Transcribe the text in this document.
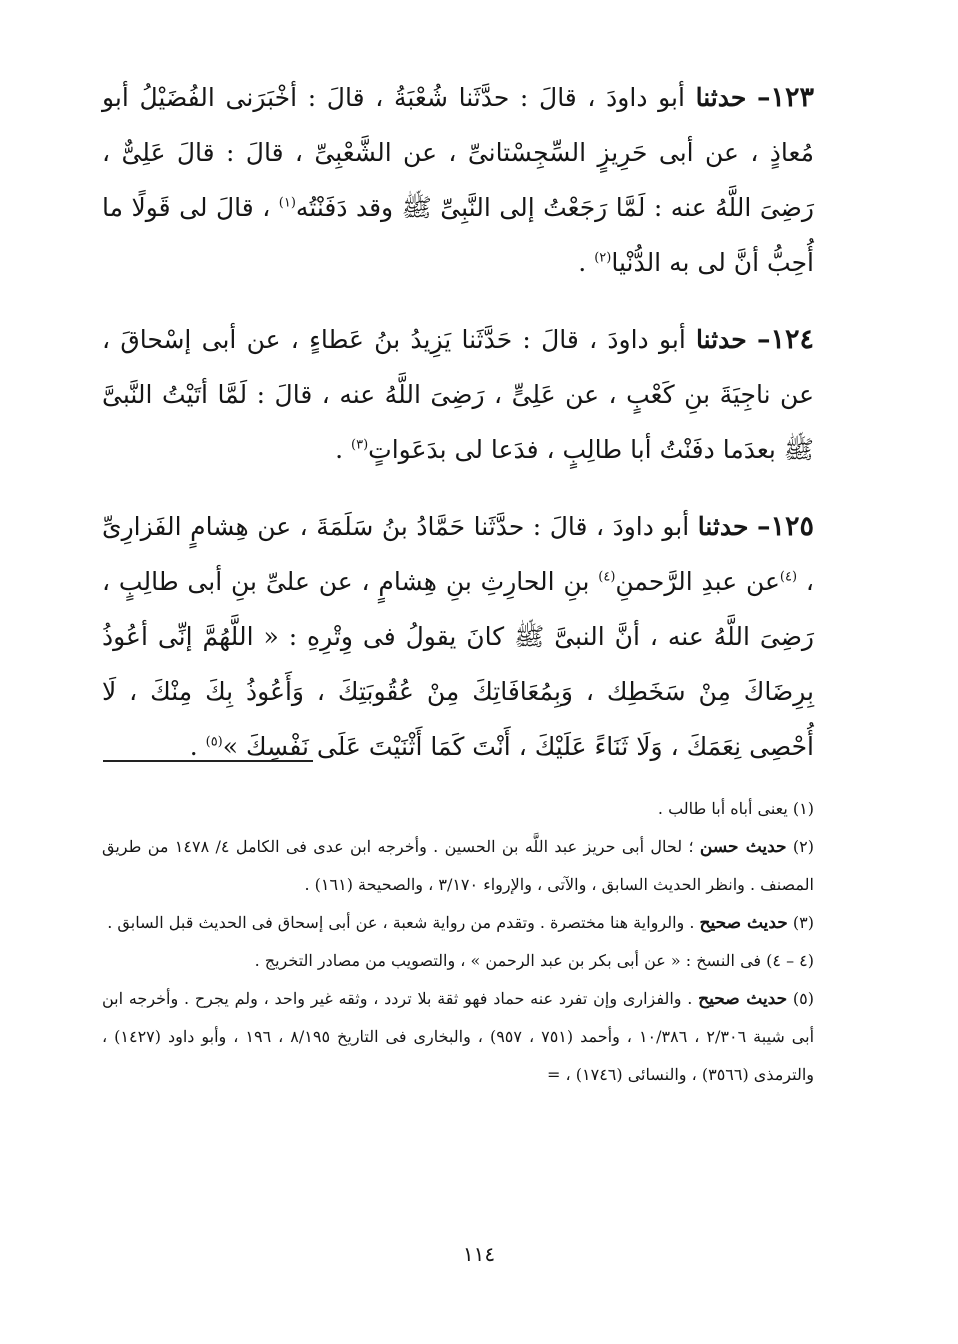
١٢٣– حدثنا أبو داودَ ، قالَ : حدَّثَنا شُعْبَةُ ، قالَ : أخْبَرَنى الفُضَيْلُ أبو مُعاذٍ ، عن أبى حَرِيزٍ السِّجِسْتانىِّ ، عن الشَّعْبِىِّ ، قالَ : قالَ عَلِىٌّ ، رَضِىَ اللَّهُ عنه : لَمَّا رَجَعْتُ إلى النَّبِىِّ ﷺ وقد دَفَنْتُه$^{(١)}$ ، قالَ لى قَولًا ما أُحِبُّ أنَّ لى به الدُّنْيا$^{(٢)}$ .

١٢٤– حدثنا أبو داودَ ، قالَ : حَدَّثَنا يَزِيدُ بنُ عَطاءٍ ، عن أبى إسْحاقَ ، عن ناجِيَةَ بنِ كَعْبٍ ، عن عَلِىٍّ ، رَضِىَ اللَّهُ عنه ، قالَ : لَمَّا أتَيْتُ النَّبىَّ ﷺ بعدَما دفَنْتُ أبا طالِبٍ ، فدَعا لى بدَعَواتٍ$^{(٣)}$ .

١٢٥– حدثنا أبو داودَ ، قالَ : حدَّثَنا حَمَّادُ بنُ سَلَمَةَ ، عن هِشامٍ الفَزارِىِّ ، $^{(٤)}$عن عبدِ الرَّحمنِ$^{(٤)}$ بنِ الحارِثِ بنِ هِشامٍ ، عن علىِّ بنِ أبى طالِبٍ ، رَضِىَ اللَّهُ عنه ، أنَّ النبىَّ ﷺ كانَ يقولُ فى وِتْرِهِ : « اللَّهُمَّ إنِّى أعُوذُ بِرِضَاكَ مِنْ سَخَطِك ، وَبِمُعَافَاتِكَ مِنْ عُقُوبَتِكَ ، وَأَعُوذُ بِكَ مِنْكَ ، لَا أُحْصِى نِعَمَكَ ، وَلَا ثَنَاءً عَلَيْكَ ، أَنْتَ كَمَا أَثْنَيْتَ عَلَى نَفْسِكَ »$^{(٥)}$ .

(١) يعنى أباه أبا طالب .

(٢) حديث حسن ؛ لحال أبى حريز عبد اللَّه بن الحسين . وأخرجه ابن عدى فى الكامل ٤/ ١٤٧٨ من طريق المصنف . وانظر الحديث السابق ، والآتى ، والإرواء ٣/١٧٠ ، والصحيحة (١٦١) .

(٣) حديث صحيح . والرواية هنا مختصرة . وتقدم من رواية شعبة ، عن أبى إسحاق فى الحديث قبل السابق .

(٤ – ٤) فى النسخ : « عن أبى بكر بن عبد الرحمن » ، والتصويب من مصادر التخريج .

(٥) حديث صحيح . والفزارى وإن تفرد عنه حماد فهو ثقة بلا تردد ، وثقه غير واحد ، ولم يجرح . وأخرجه ابن أبى شيبة ٢/٣٠٦ ، ١٠/٣٨٦ ، وأحمد (٧٥١ ، ٩٥٧) ، والبخارى فى التاريخ ٨/١٩٥ ، ١٩٦ ، وأبو داود (١٤٢٧) ، والترمذى (٣٥٦٦) ، والنسائى (١٧٤٦) ، =

١١٤
